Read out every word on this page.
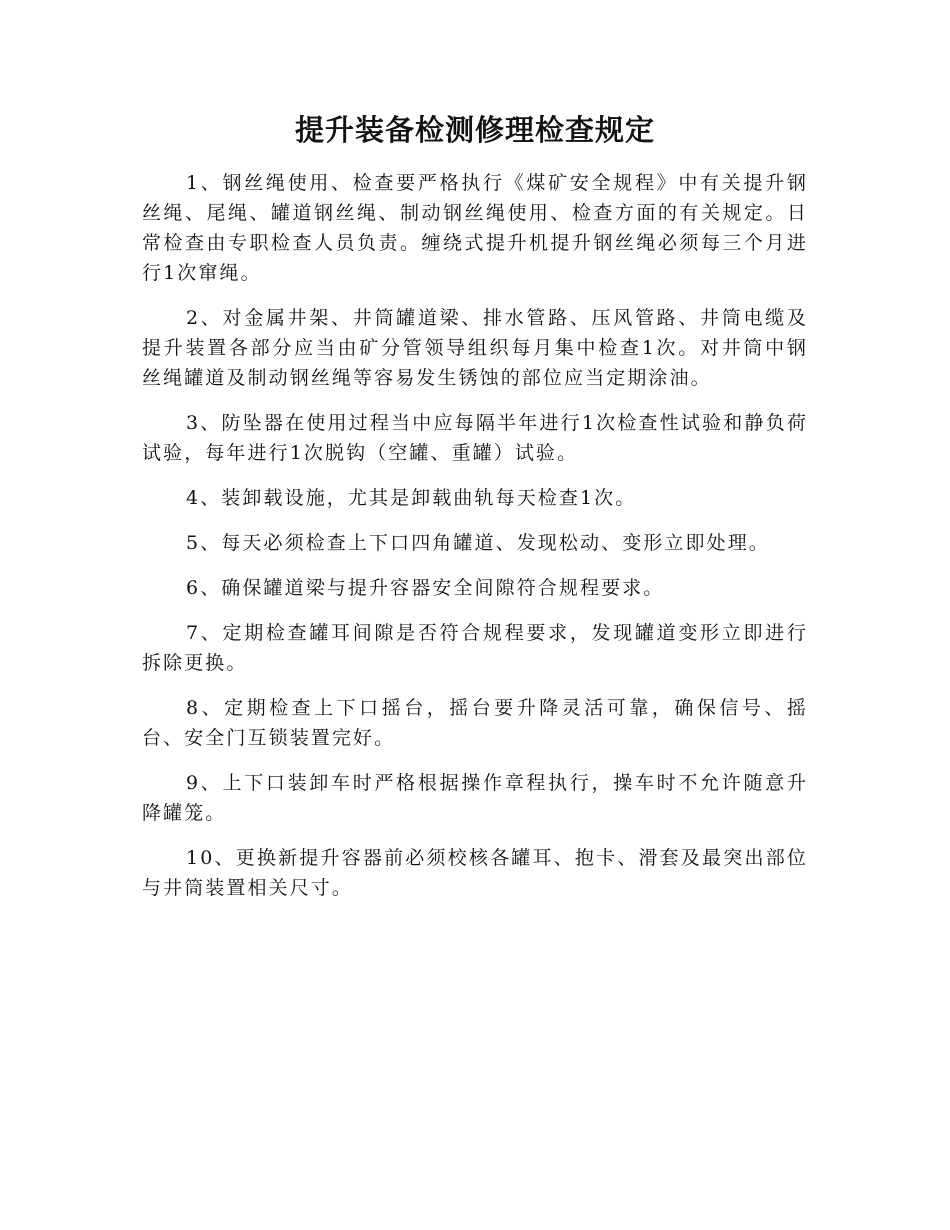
提升装备检测修理检查规定

1、钢丝绳使用、检查要严格执行《煤矿安全规程》中有关提升钢丝绳、尾绳、罐道钢丝绳、制动钢丝绳使用、检查方面的有关规定。日常检查由专职检查人员负责。缠绕式提升机提升钢丝绳必须每三个月进行1次窜绳。

2、对金属井架、井筒罐道梁、排水管路、压风管路、井筒电缆及提升装置各部分应当由矿分管领导组织每月集中检查1次。对井筒中钢丝绳罐道及制动钢丝绳等容易发生锈蚀的部位应当定期涂油。

3、防坠器在使用过程当中应每隔半年进行1次检查性试验和静负荷试验，每年进行1次脱钩（空罐、重罐）试验。

4、装卸载设施，尤其是卸载曲轨每天检查1次。

5、每天必须检查上下口四角罐道、发现松动、变形立即处理。

6、确保罐道梁与提升容器安全间隙符合规程要求。

7、定期检查罐耳间隙是否符合规程要求，发现罐道变形立即进行拆除更换。

8、定期检查上下口摇台，摇台要升降灵活可靠，确保信号、摇台、安全门互锁装置完好。

9、上下口装卸车时严格根据操作章程执行，操车时不允许随意升降罐笼。

10、更换新提升容器前必须校核各罐耳、抱卡、滑套及最突出部位与井筒装置相关尺寸。
